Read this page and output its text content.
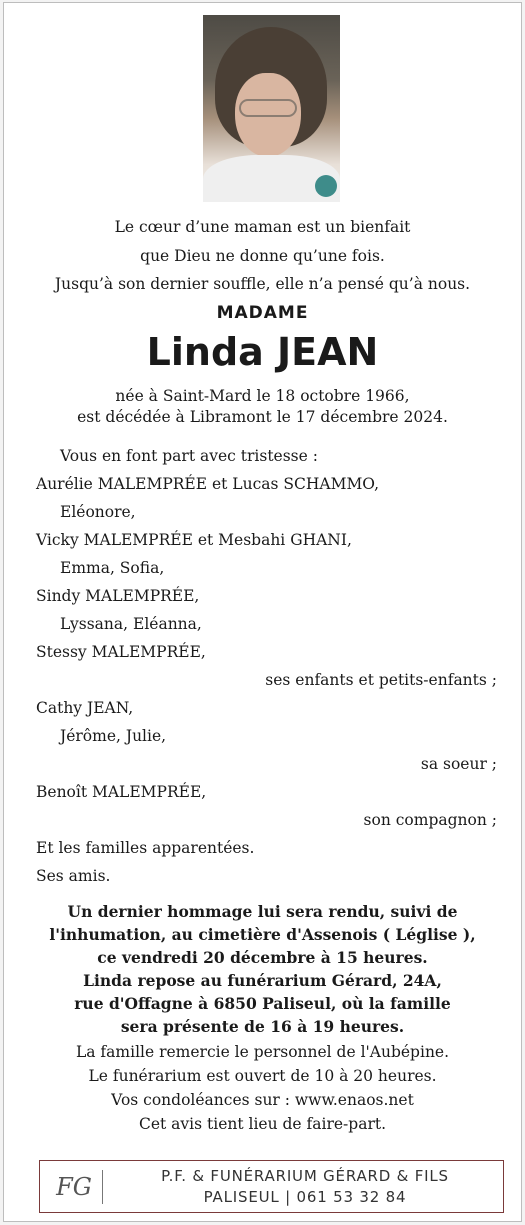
Le cœur d’une maman est un bienfait
que Dieu ne donne qu’une fois.
Jusqu’à son dernier souffle, elle n’a pensé qu’à nous.
MADAME
Linda JEAN
née à Saint-Mard le 18 octobre 1966,
est décédée à Libramont le 17 décembre 2024.
Vous en font part avec tristesse :
Aurélie MALEMPRÉE et Lucas SCHAMMO,
Eléonore,
Vicky MALEMPRÉE et Mesbahi GHANI,
Emma, Sofia,
Sindy MALEMPRÉE,
Lyssana, Eléanna,
Stessy MALEMPRÉE,
ses enfants et petits-enfants ;
Cathy JEAN,
Jérôme, Julie,
sa soeur ;
Benoît MALEMPRÉE,
son compagnon ;
Et les familles apparentées.
Ses amis.
Un dernier hommage lui sera rendu, suivi de
l'inhumation, au cimetière d'Assenois ( Léglise ),
ce vendredi 20 décembre à 15 heures.
Linda repose au funérarium Gérard, 24A,
rue d'Offagne à 6850 Paliseul, où la famille
sera présente de 16 à 19 heures.
La famille remercie le personnel de l'Aubépine.
Le funérarium est ouvert de 10 à 20 heures.
Vos condoléances sur : www.enaos.net
Cet avis tient lieu de faire-part.
FG	P.F. & FUNÉRARIUM GÉRARD & FILS
PALISEUL | 061 53 32 84
